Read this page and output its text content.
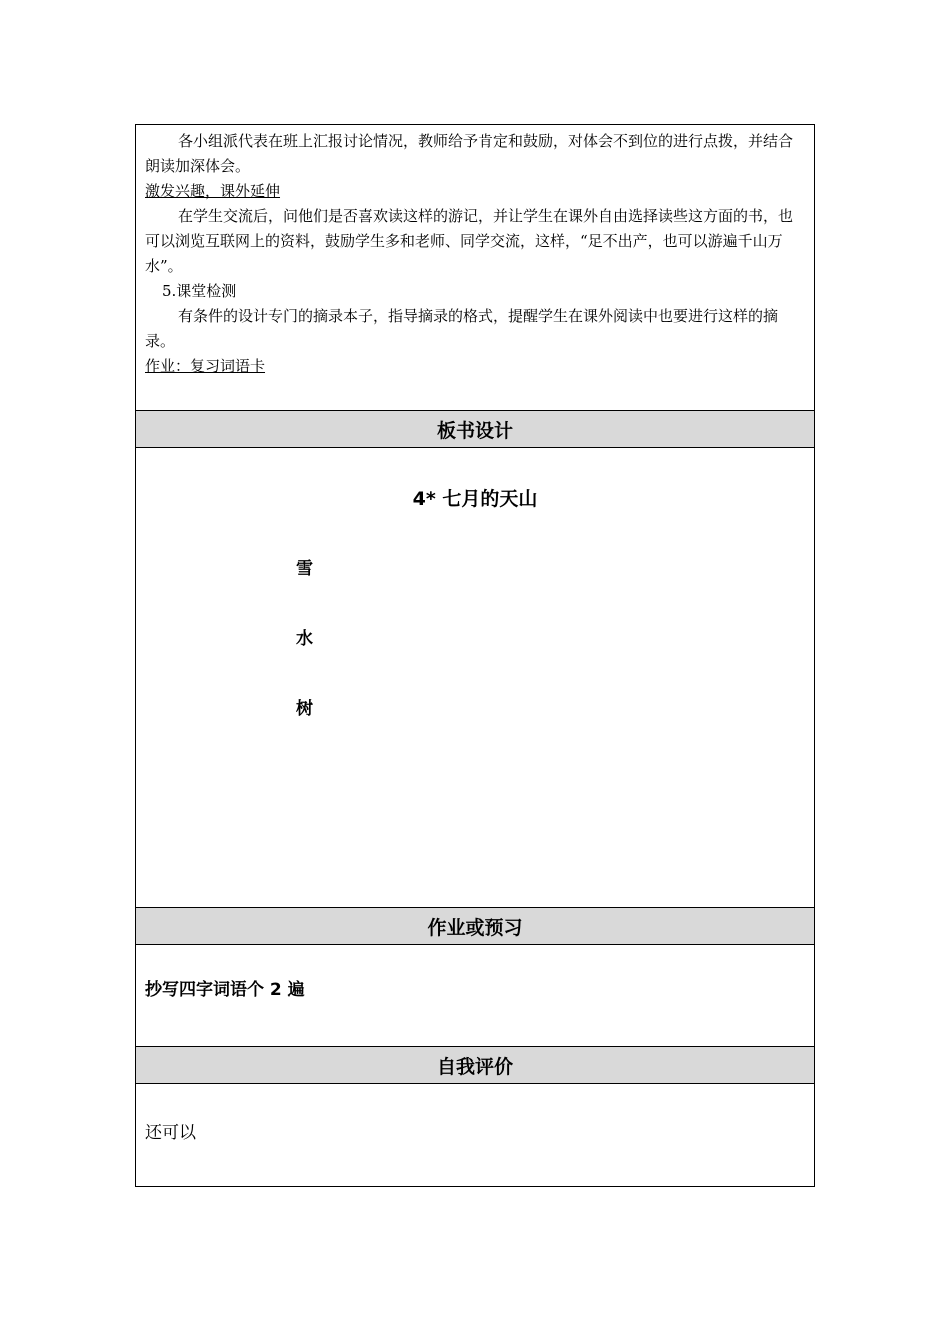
各小组派代表在班上汇报讨论情况，教师给予肯定和鼓励，对体会不到位的进行点拨，并结合朗读加深体会。

激发兴趣，课外延伸

在学生交流后，问他们是否喜欢读这样的游记，并让学生在课外自由选择读些这方面的书，也可以浏览互联网上的资料，鼓励学生多和老师、同学交流，这样，“足不出产，也可以游遍千山万水”。

5.课堂检测

有条件的设计专门的摘录本子，指导摘录的格式，提醒学生在课外阅读中也要进行这样的摘录。

作业：复习词语卡

板书设计
4* 七月的天山
雪
水
树
作业或预习
抄写四字词语个 2 遍
自我评价
还可以
